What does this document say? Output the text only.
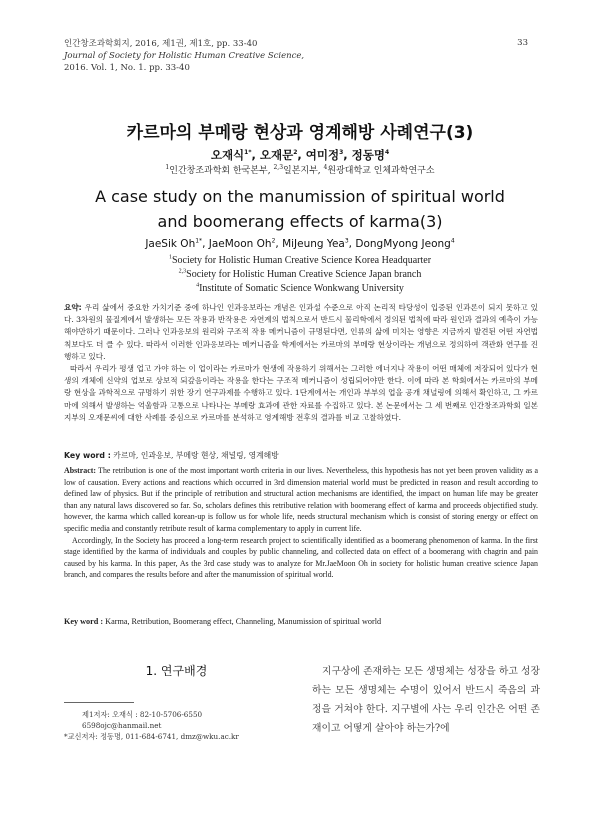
인간창조과학회지, 2016, 제1권, 제1호, pp. 33-40
Journal of Society for Holistic Human Creative Science,
2016. Vol. 1, No. 1. pp. 33-40
33
카르마의 부메랑 현상과 영계해방 사례연구(3)
오재식$^{1*}$, 오재문$^2$, 여미정$^3$, 정동명$^4$
$^1$인간창조과학회 한국본부, $^{2,3}$일본지부, $^4$원광대학교 인체과학연구소
A case study on the manumission of spiritual world
and boomerang effects of karma(3)
JaeSik $Oh^{1*}$, JaeMoon Oh$^2$, MiJeung Yea$^3$, DongMyong Jeong$^4$
$^1$Society for Holistic Human Creative Science Korea Headquarter
$^{2,3}$Society for Holistic Human Creative Science Japan branch
$^4$Institute of Somatic Science Wonkwang University

요약: 우리 삶에서 중요한 가치기준 중에 하나인 인과응보라는 개념은 인과설 수준으로 아직 논리적 타당성이 입증된 인과론이 되지 못하고 있다. 3차원의 물질계에서 발생하는 모든 작용과 반작용은 자연계의 법칙으로서 반드시 물리학에서 정의된 법칙에 따라 원인과 결과의 예측이 가능해야만하기 때문이다. 그러나 인과응보의 원리와 구조적 작용 메커니즘이 규명된다면, 인류의 삶에 미치는 영향은 지금까지 발견된 어떤 자연법칙보다도 더 클 수 있다. 따라서 이러한 인과응보라는 메커니즘을 학계에서는 카르마의 부메랑 현상이라는 개념으로 정의하여 객관화 연구를 진행하고 있다.

따라서 우리가 평생 업고 가야 하는 이 업이라는 카르마가 현생에 작용하기 위해서는 그러한 에너지나 작용이 어떤 매체에 저장되어 있다가 현생의 개체에 신약의 업보로 상보적 되갚음이라는 작용을 한다는 구조적 메커니즘이 성립되어야만 한다. 이에 따라 본 학회에서는 카르마의 부메랑 현상을 과학적으로 규명하기 위한 장기 연구과제를 수행하고 있다. 1단계에서는 개인과 부부의 업을 공개 채널링에 의해서 확인하고, 그 카르마에 의해서 발생하는 억울함과 고통으로 나타나는 부메랑 효과에 관한 자료를 수집하고 있다. 본 논문에서는 그 세 번째로 인간창조과학회 일본지부의 오재문씨에 대한 사례를 중심으로 카르마를 분석하고 영계해방 전후의 결과를 비교 고찰하였다.

Key word : 카르마, 인과응보, 부메랑 현상, 채널링, 영계해방

Abstract: The retribution is one of the most important worth criteria in our lives. Nevertheless, this hypothesis has not yet been proven validity as a low of causation. Every actions and reactions which occurred in 3rd dimension material world must be predicted in reason and result according to defined law of physics. But if the principle of retribution and structural action mechanisms are identified, the impact on human life may be greater than any natural laws discovered so far. So, scholars defines this retributive relation with boomerang effect of karma and proceeds objectified study. however, the karma which called korean-up is follow us for whole life, needs structural mechanism which is consist of storing energy or effect on specific media and constantly retribute result of karma complementary to apply in current life.

Accordingly, In the Society has proceed a long-term research project to scientifically identified as a boomerang phenomenon of karma. In the first stage identified by the karma of individuals and couples by public channeling, and collected data on effect of a boomerang with chagrin and pain caused by his karma. In this paper, As the 3rd case study was to analyze for Mr.JaeMoon Oh in society for holistic human creative science Japan branch, and compares the results before and after the manumission of spiritual world.

Key word : Karma, Retribution, Boomerang effect, Channeling, Manumission of spiritual world
1. 연구배경	지구상에 존재하는 모든 생명체는 성장을 하고 성장하는 모든 생명체는 수명이 있어서 반드시 죽음의 과정을 거쳐야 한다. 지구별에 사는 우리 인간은 어떤 존재이고 어떻게 살아야 하는가?에

제1저자: 오재식 : 82-10-5706-6550
6598ojc@hanmail.net
*교신저자: 정동명, 011-684-6741, dmz@wku.ac.kr
